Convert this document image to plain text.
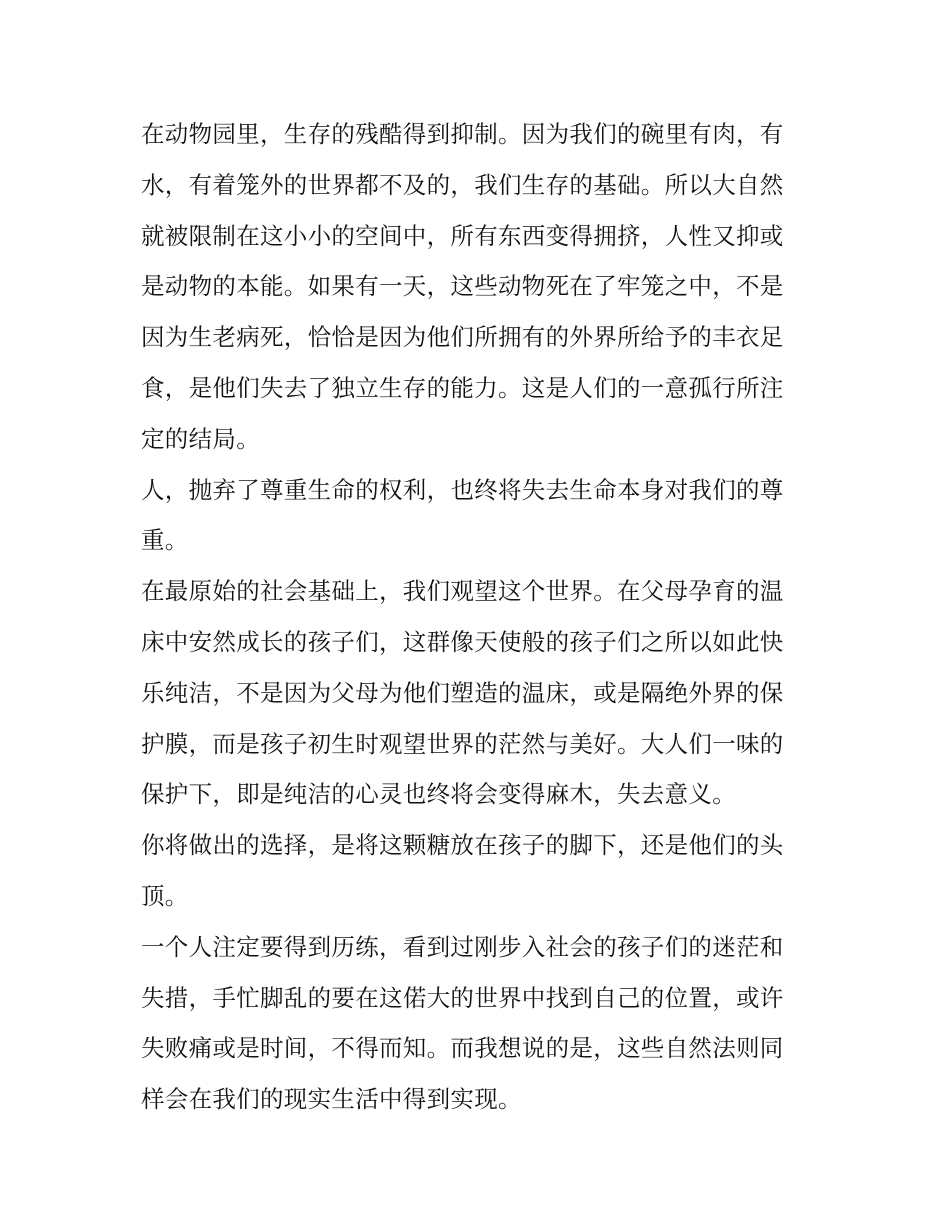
在动物园里，生存的残酷得到抑制。因为我们的碗里有肉，有
水，有着笼外的世界都不及的，我们生存的基础。所以大自然
就被限制在这小小的空间中，所有东西变得拥挤，人性又抑或
是动物的本能。如果有一天，这些动物死在了牢笼之中，不是
因为生老病死，恰恰是因为他们所拥有的外界所给予的丰衣足
食，是他们失去了独立生存的能力。这是人们的一意孤行所注
定的结局。
人，抛弃了尊重生命的权利，也终将失去生命本身对我们的尊
重。
在最原始的社会基础上，我们观望这个世界。在父母孕育的温
床中安然成长的孩子们，这群像天使般的孩子们之所以如此快
乐纯洁，不是因为父母为他们塑造的温床，或是隔绝外界的保
护膜，而是孩子初生时观望世界的茫然与美好。大人们一味的
保护下，即是纯洁的心灵也终将会变得麻木，失去意义。
你将做出的选择，是将这颗糖放在孩子的脚下，还是他们的头
顶。
一个人注定要得到历练，看到过刚步入社会的孩子们的迷茫和
失措，手忙脚乱的要在这偌大的世界中找到自己的位置，或许
失败痛或是时间，不得而知。而我想说的是，这些自然法则同
样会在我们的现实生活中得到实现。
